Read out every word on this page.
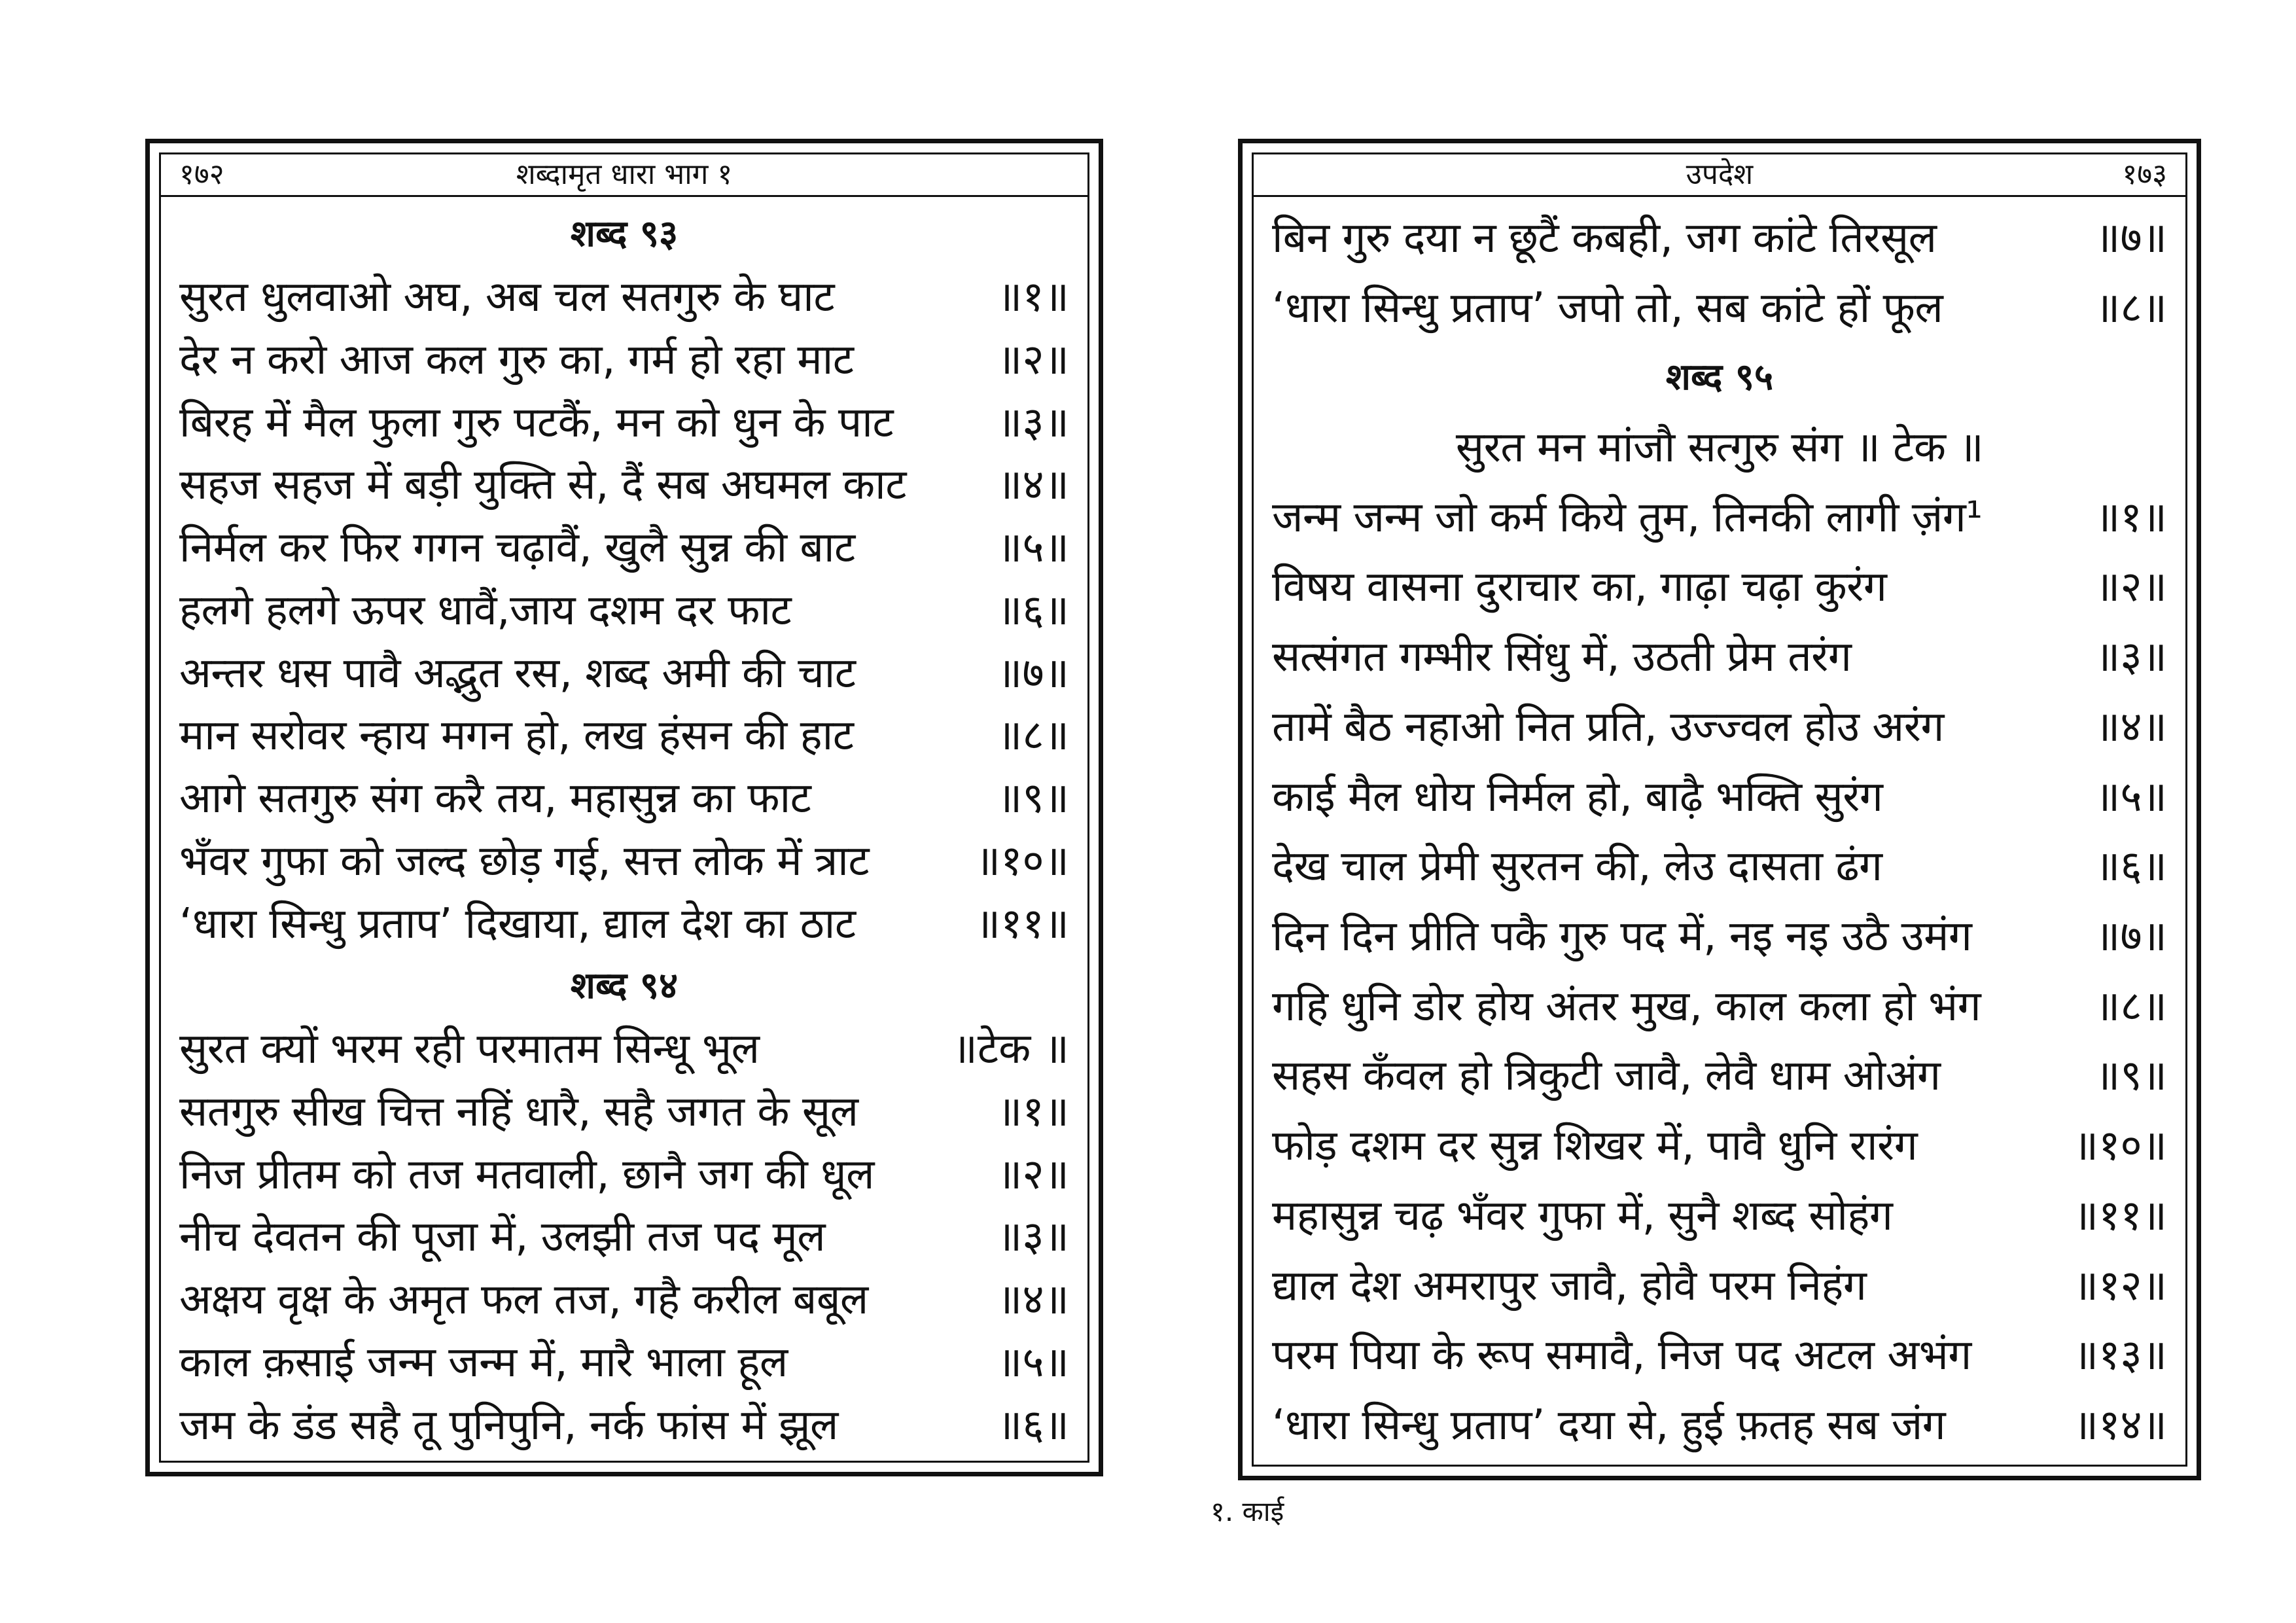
१७२	शब्दामृत धारा भाग १
शब्द ९३
सुरत धुलवाओ अघ, अब चल सतगुरु के घाट	॥१॥
देर न करो आज कल गुरु का, गर्म हो रहा माट	॥२॥
बिरह में मैल फुला गुरु पटकैं, मन को धुन के पाट ॥३॥
सहज सहज में बड़ी युक्ति से, दैं सब अघमल काट ॥४॥
निर्मल कर फिर गगन चढ़ावैं, खुलै सुन्न की बाट	॥५॥
हलगे हलगे ऊपर धावैं,जाय दशम दर फाट	॥६॥
अन्तर धस पावै अद्भुत रस, शब्द अमी की चाट	॥७॥
मान सरोवर न्हाय मगन हो, लख हंसन की हाट	॥८॥
आगे सतगुरु संग करै तय, महासुन्न का फाट	॥९॥
भँवर गुफा को जल्द छोड़ गई, सत्त लोक में त्राट	॥१०॥
‘धारा सिन्धु प्रताप’ दिखाया, द्याल देश का ठाट	॥११॥
शब्द ९४
सुरत क्यों भरम रही परमातम सिन्धू भूल	॥टेक ॥
सतगुरु सीख चित्त नहिं धारै, सहै जगत के सूल	॥१॥
निज प्रीतम को तज मतवाली, छानै जग की धूल	॥२॥
नीच देवतन की पूजा में, उलझी तज पद मूल	॥३॥
अक्षय वृक्ष के अमृत फल तज, गहै करील बबूल	॥४॥
काल क़साई जन्म जन्म में, मारै भाला हूल	॥५॥
जम के डंड सहै तू पुनिपुनि, नर्क फांस में झूल	॥६॥
उपदेश	१७३
बिन गुरु दया न छूटैं कबही, जग कांटे तिरसूल	॥७॥
‘धारा सिन्धु प्रताप’ जपो तो, सब कांटे हों फूल	॥८॥
शब्द ९५
सुरत मन मांजौ सत्गुरु संग ॥ टेक ॥
जन्म जन्म जो कर्म किये तुम, तिनकी लागी ज़ंग¹	॥१॥
विषय वासना दुराचार का, गाढ़ा चढ़ा कुरंग	॥२॥
सत्संगत गम्भीर सिंधु में, उठती प्रेम तरंग	॥३॥
तामें बैठ नहाओ नित प्रति, उज्ज्वल होउ अरंग	॥४॥
काई मैल धोय निर्मल हो, बाढ़ै भक्ति सुरंग	॥५॥
देख चाल प्रेमी सुरतन की, लेउ दासता ढंग	॥६॥
दिन दिन प्रीति पकै गुरु पद में, नइ नइ उठै उमंग	॥७॥
गहि धुनि डोर होय अंतर मुख, काल कला हो भंग	॥८॥
सहस कँवल हो त्रिकुटी जावै, लेवै धाम ओअंग	॥९॥
फोड़ दशम दर सुन्न शिखर में, पावै धुनि रारंग	॥१०॥
महासुन्न चढ़ भँवर गुफा में, सुनै शब्द सोहंग	॥११॥
द्याल देश अमरापुर जावै, होवै परम निहंग	॥१२॥
परम पिया के रूप समावै, निज पद अटल अभंग ॥१३॥
‘धारा सिन्धु प्रताप’ दया से, हुई फ़तह सब जंग	॥१४॥
१. काई
